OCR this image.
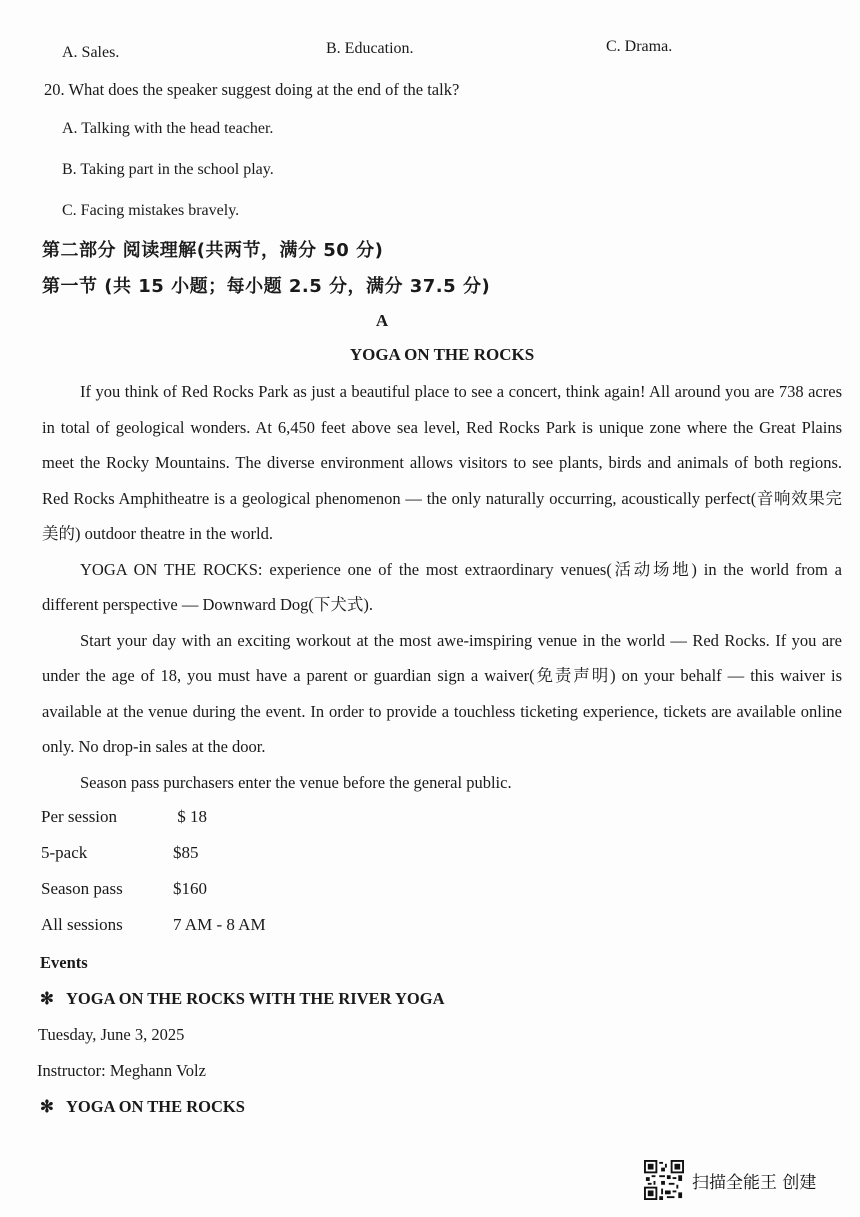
A. Sales.	B. Education.	C. Drama.
20. What does the speaker suggest doing at the end of the talk?
A. Talking with the head teacher.
B. Taking part in the school play.
C. Facing mistakes bravely.
第二部分 阅读理解(共两节，满分 50 分)
第一节 (共 15 小题；每小题 2.5 分，满分 37.5 分)
A
YOGA ON THE ROCKS

If you think of Red Rocks Park as just a beautiful place to see a concert, think again! All around you are 738 acres in total of geological wonders. At 6,450 feet above sea level, Red Rocks Park is unique zone where the Great Plains meet the Rocky Mountains. The diverse environment allows visitors to see plants, birds and animals of both regions. Red Rocks Amphitheatre is a geological phenomenon — the only naturally occurring, acoustically perfect(音响效果完美的) outdoor theatre in the world.

YOGA ON THE ROCKS: experience one of the most extraordinary venues(活动场地) in the world from a different perspective — Downward Dog(下犬式).

Start your day with an exciting workout at the most awe-imspiring venue in the world — Red Rocks. If you are under the age of 18, you must have a parent or guardian sign a waiver(免责声明) on your behalf — this waiver is available at the venue during the event. In order to provide a touchless ticketing experience, tickets are available online only. No drop-in sales at the door.

Season pass purchasers enter the venue before the general public.

Per session	$ 18
5-pack	$85
Season pass	$160
All sessions	7 AM - 8 AM
Events
✻ YOGA ON THE ROCKS WITH THE RIVER YOGA
Tuesday, June 3, 2025
Instructor: Meghann Volz
✻ YOGA ON THE ROCKS
扫描全能王 创建
